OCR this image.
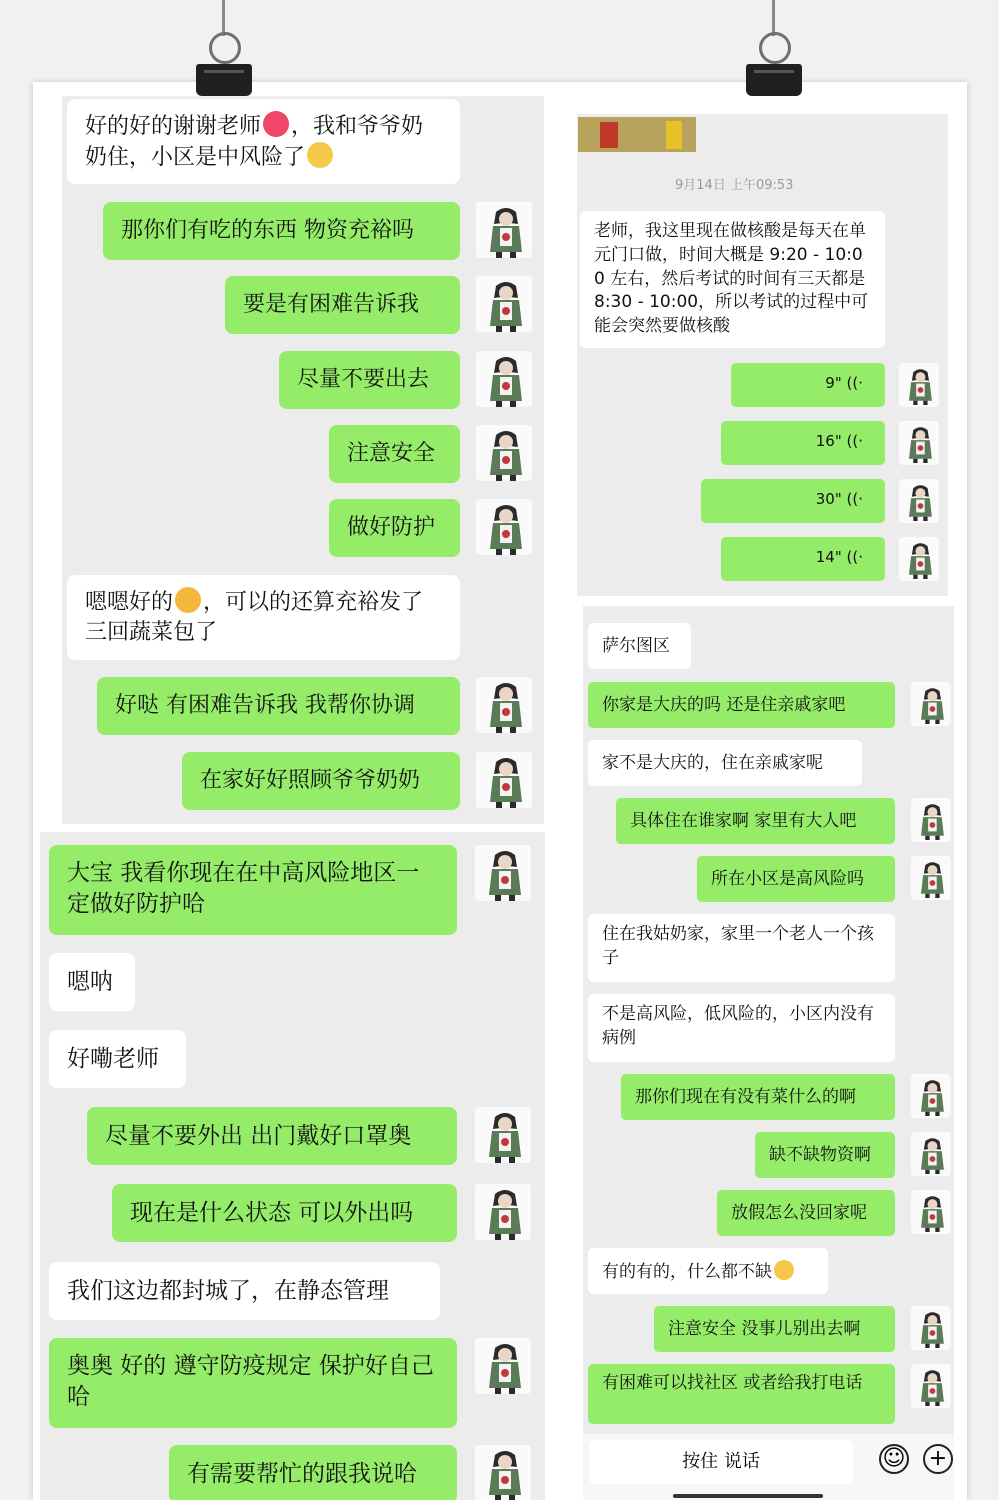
好的好的谢谢老师 ，我和爷爷奶奶住，小区是中风险了
那你们有吃的东西 物资充裕吗
要是有困难告诉我
尽量不要出去
注意安全
做好防护
嗯嗯好的 ，可以的还算充裕发了三回蔬菜包了
好哒 有困难告诉我 我帮你协调
在家好好照顾爷爷奶奶
大宝 我看你现在在中高风险地区一定做好防护哈
嗯呐
好嘞老师
尽量不要外出 出门戴好口罩奥
现在是什么状态 可以外出吗
我们这边都封城了，在静态管理
奥奥 好的 遵守防疫规定 保护好自己哈
有需要帮忙的跟我说哈
9月14日 上午09:53
老师，我这里现在做核酸是每天在单元门口做，时间大概是 9:20 - 10:00 左右，然后考试的时间有三天都是 8:30 - 10:00，所以考试的过程中可能会突然要做核酸
9" ((·
16" ((·
30" ((·
14" ((·
萨尔图区
你家是大庆的吗 还是住亲戚家吧
家不是大庆的，住在亲戚家呢
具体住在谁家啊 家里有大人吧
所在小区是高风险吗
住在我姑奶家，家里一个老人一个孩子
不是高风险，低风险的，小区内没有病例
那你们现在有没有菜什么的啊
缺不缺物资啊
放假怎么没回家呢
有的有的，什么都不缺
注意安全 没事儿别出去啊
有困难可以找社区 或者给我打电话
按住 说话	☺ +
